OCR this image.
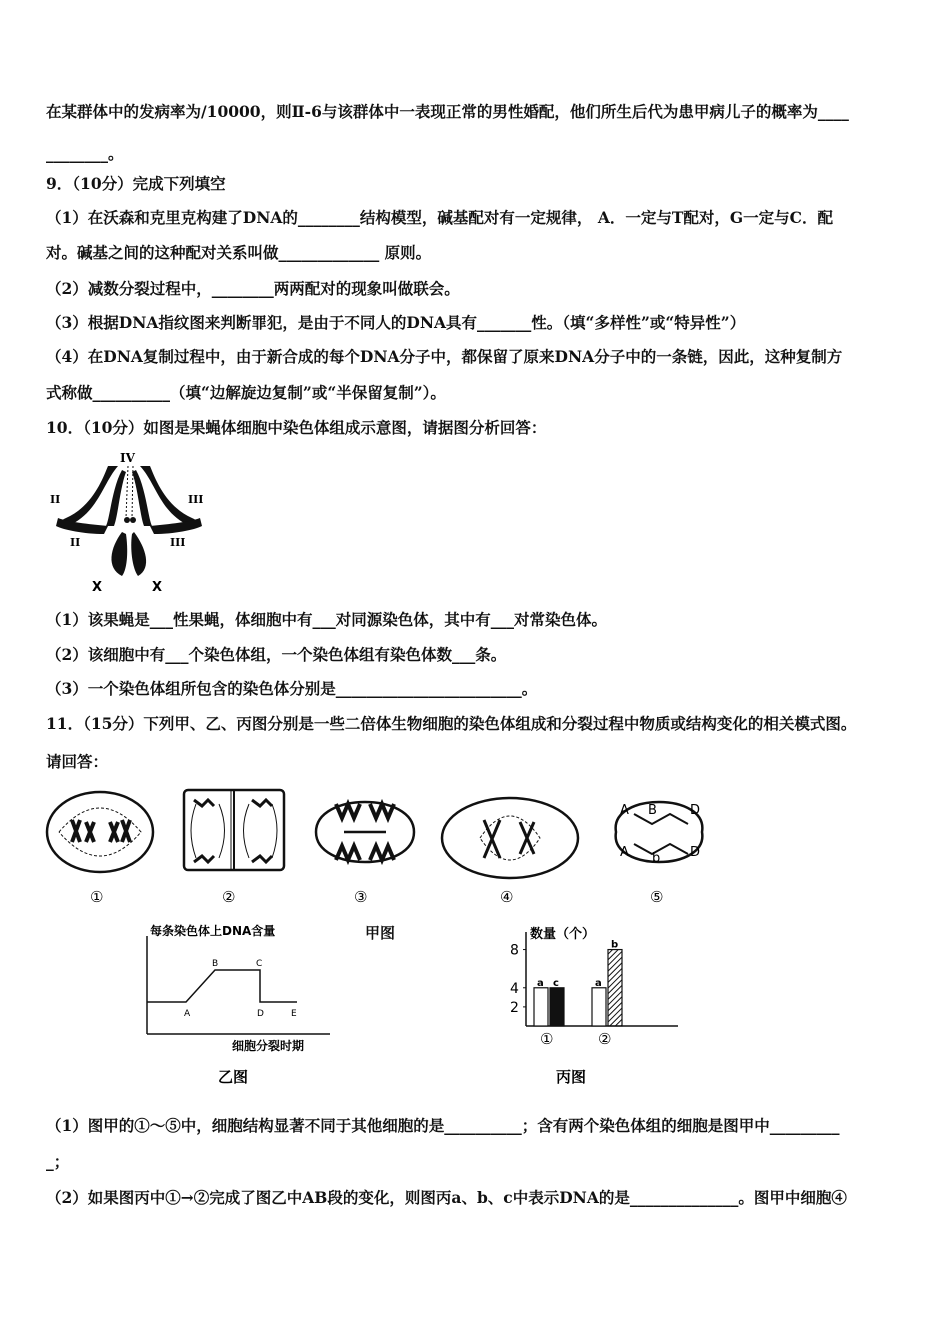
在某群体中的发病率为/10000，则Ⅱ-6与该群体中一表现正常的男性婚配，他们所生后代为患甲病儿子的概率为____
________。
9．（10分）完成下列填空
（1）在沃森和克里克构建了DNA的________结构模型，碱基配对有一定规律， A．一定与T配对，G一定与C．配
对。碱基之间的这种配对关系叫做_____________ 原则。
（2）减数分裂过程中，________两两配对的现象叫做联会。
（3）根据DNA指纹图来判断罪犯，是由于不同人的DNA具有_______性。（填“多样性”或“特异性”）
（4）在DNA复制过程中，由于新合成的每个DNA分子中，都保留了原来DNA分子中的一条链，因此，这种复制方
式称做__________（填“边解旋边复制”或“半保留复制”）。
10．（10分）如图是果蝇体细胞中染色体组成示意图，请据图分析回答：
IV
II
II
III
III
X	X
（1）该果蝇是___性果蝇，体细胞中有___对同源染色体，其中有___对常染色体。
（2）该细胞中有___个染色体组，一个染色体组有染色体数___条。
（3）一个染色体组所包含的染色体分别是________________________。
11．（15分）下列甲、乙、丙图分别是一些二倍体生物细胞的染色体组成和分裂过程中物质或结构变化的相关模式图。
请回答：
①	②	③	④
A B	D
A b D
⑤
甲图
每条染色体上DNA含量
A
B	C
D	E
细胞分裂时期
乙图
数量（个）
2
4
8
a c
①
a
b
②
丙图
（1）图甲的①～⑤中，细胞结构显著不同于其他细胞的是__________；含有两个染色体组的细胞是图甲中_________
_；
（2）如果图丙中①→②完成了图乙中AB段的变化，则图丙a、b、c中表示DNA的是______________。图甲中细胞④
